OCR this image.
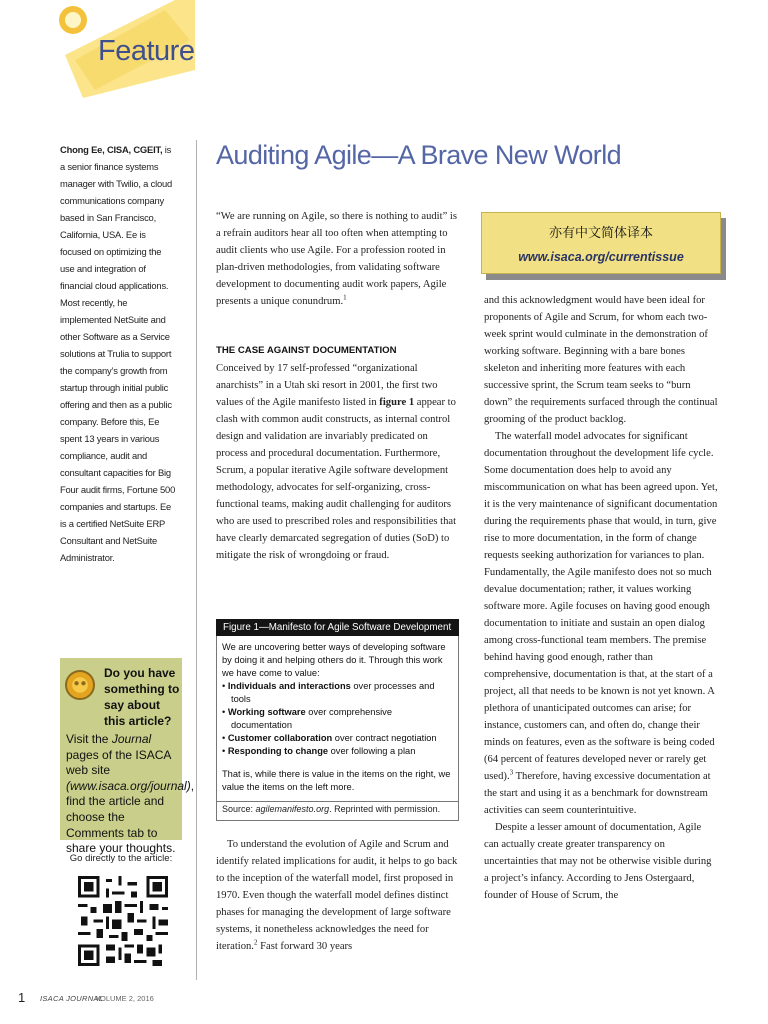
Feature
Chong Ee, CISA, CGEIT, is a senior finance systems manager with Twilio, a cloud communications company based in San Francisco, California, USA. Ee is focused on optimizing the use and integration of financial cloud applications. Most recently, he implemented NetSuite and other Software as a Service solutions at Trulia to support the company’s growth from startup through initial public offering and then as a public company. Before this, Ee spent 13 years in various compliance, audit and consultant capacities for Big Four audit firms, Fortune 500 companies and startups. Ee is a certified NetSuite ERP Consultant and NetSuite Administrator.
Do you have something to say about this article?
Visit the Journal pages of the ISACA web site (www.isaca.org/journal), find the article and choose the Comments tab to share your thoughts.
Go directly to the article:
Auditing Agile—A Brave New World

“We are running on Agile, so there is nothing to audit” is a refrain auditors hear all too often when attempting to audit clients who use Agile. For a profession rooted in plan-driven methodologies, from validating software development to documenting audit work papers, Agile presents a unique conundrum.$^1$

THE CASE AGAINST DOCUMENTATION

Conceived by 17 self-professed “organizational anarchists” in a Utah ski resort in 2001, the first two values of the Agile manifesto listed in figure 1 appear to clash with common audit constructs, as internal control design and validation are invariably predicated on process and procedural documentation. Furthermore, Scrum, a popular iterative Agile software development methodology, advocates for self-organizing, cross-functional teams, making audit challenging for auditors who are used to prescribed roles and responsibilities that have clearly demarcated segregation of duties (SoD) to mitigate the risk of wrongdoing or fraud.

Figure 1—Manifesto for Agile Software Development

We are uncovering better ways of developing software by doing it and helping others do it. Through this work we have come to value:

• Individuals and interactions over processes and tools
• Working software over comprehensive documentation
• Customer collaboration over contract negotiation
• Responding to change over following a plan

That is, while there is value in the items on the right, we value the items on the left more.

Source: agilemanifesto.org. Reprinted with permission.

To understand the evolution of Agile and Scrum and identify related implications for audit, it helps to go back to the inception of the waterfall model, first proposed in 1970. Even though the waterfall model defines distinct phases for managing the development of large software systems, it nonetheless acknowledges the need for iteration.$^2$ Fast forward 30 years

亦有中文简体译本
www.isaca.org/currentissue

and this acknowledgment would have been ideal for proponents of Agile and Scrum, for whom each two-week sprint would culminate in the demonstration of working software. Beginning with a bare bones skeleton and inheriting more features with each successive sprint, the Scrum team seeks to “burn down” the requirements surfaced through the continual grooming of the product backlog.

The waterfall model advocates for significant documentation throughout the development life cycle. Some documentation does help to avoid any miscommunication on what has been agreed upon. Yet, it is the very maintenance of significant documentation during the requirements phase that would, in turn, give rise to more documentation, in the form of change requests seeking authorization for variances to plan. Fundamentally, the Agile manifesto does not so much devalue documentation; rather, it values working software more. Agile focuses on having good enough documentation to initiate and sustain an open dialog among cross-functional team members. The premise behind having good enough, rather than comprehensive, documentation is that, at the start of a project, all that needs to be known is not yet known. A plethora of unanticipated outcomes can arise; for instance, customers can, and often do, change their minds on features, even as the software is being coded (64 percent of features developed never or rarely get used).$^3$ Therefore, having excessive documentation at the start and using it as a benchmark for downstream activities can seem counterintuitive.

Despite a lesser amount of documentation, Agile can actually create greater transparency on uncertainties that may not be otherwise visible during a project’s infancy. According to Jens Ostergaard, founder of House of Scrum, the

1 ISACA JOURNAL
VOLUME 2, 2016
